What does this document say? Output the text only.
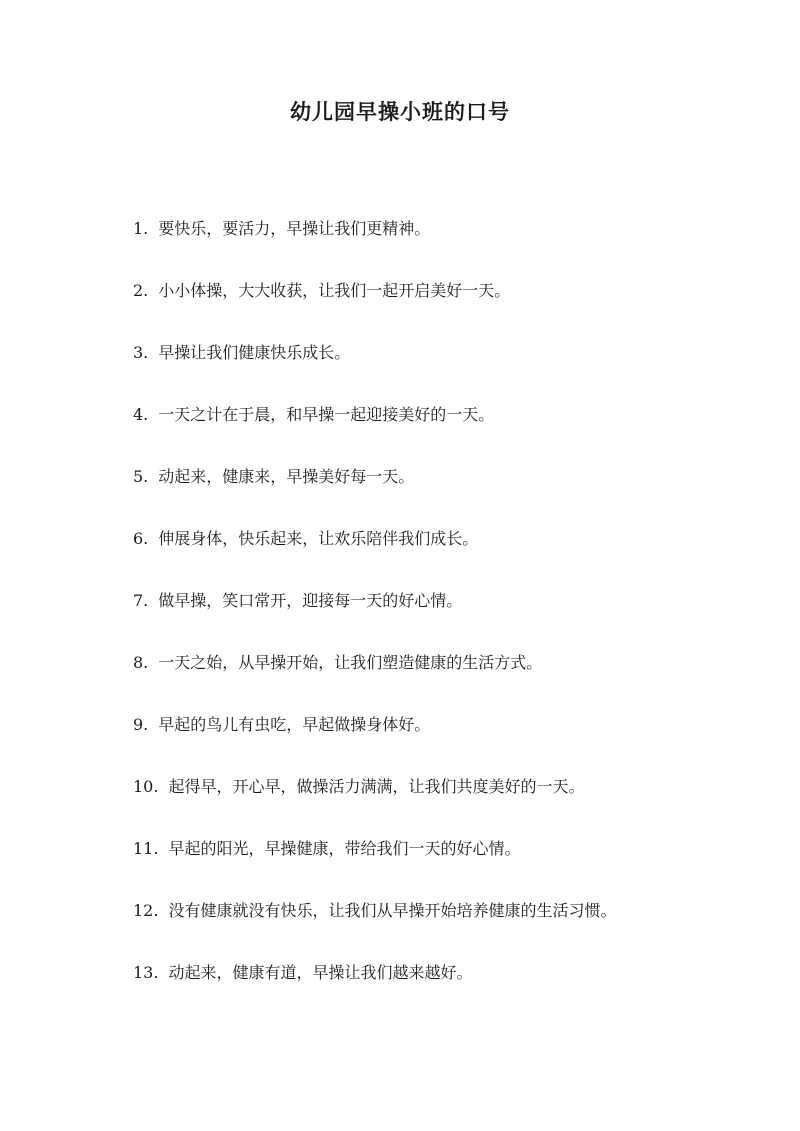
幼儿园早操小班的口号
1. 要快乐，要活力，早操让我们更精神。
2. 小小体操，大大收获，让我们一起开启美好一天。
3. 早操让我们健康快乐成长。
4. 一天之计在于晨，和早操一起迎接美好的一天。
5. 动起来，健康来，早操美好每一天。
6. 伸展身体，快乐起来，让欢乐陪伴我们成长。
7. 做早操，笑口常开，迎接每一天的好心情。
8. 一天之始，从早操开始，让我们塑造健康的生活方式。
9. 早起的鸟儿有虫吃，早起做操身体好。
10. 起得早，开心早，做操活力满满，让我们共度美好的一天。
11. 早起的阳光，早操健康，带给我们一天的好心情。
12. 没有健康就没有快乐，让我们从早操开始培养健康的生活习惯。
13. 动起来，健康有道，早操让我们越来越好。
